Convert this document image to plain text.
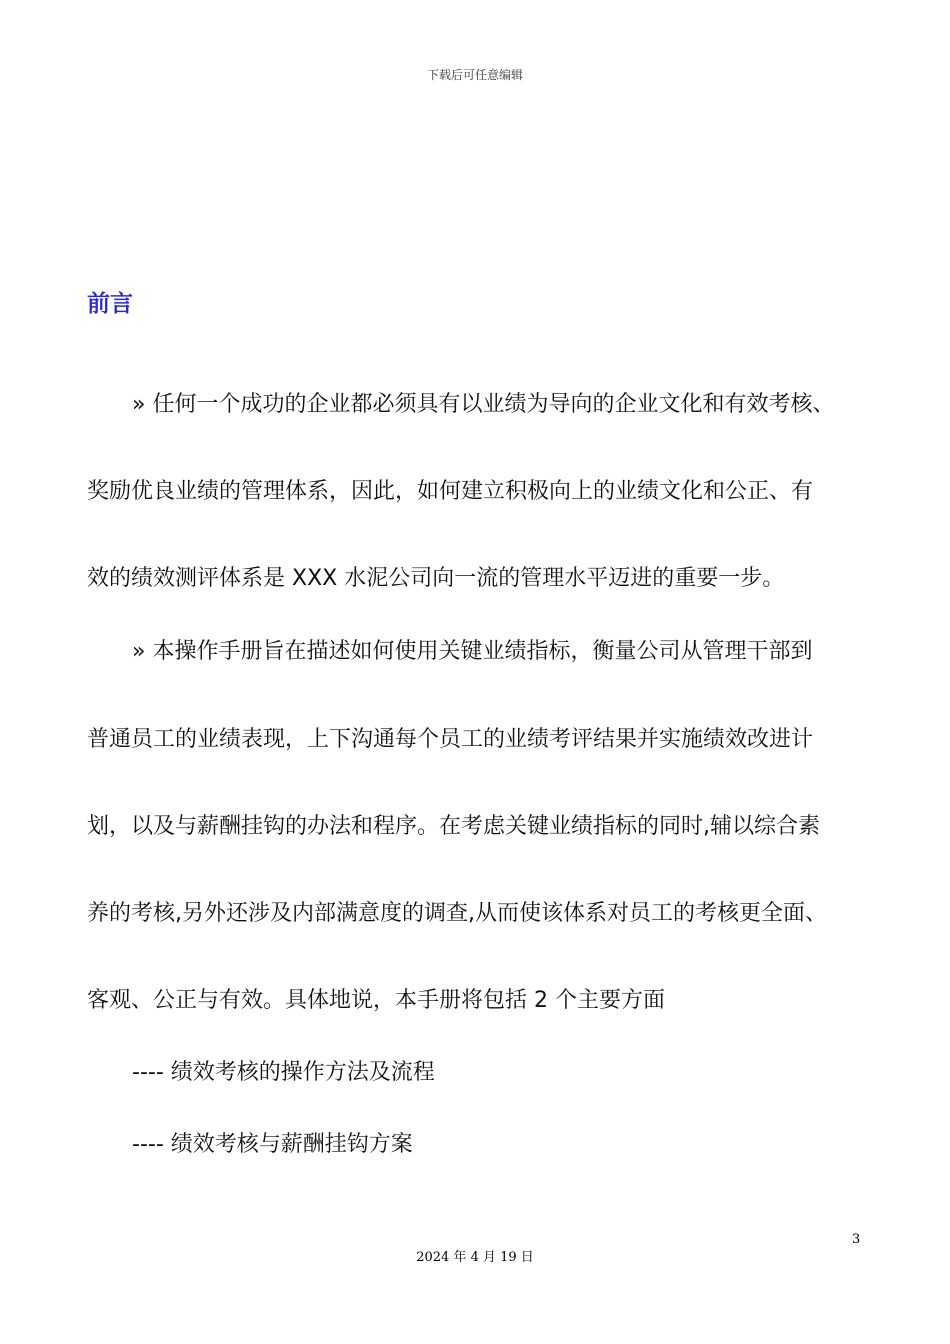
下载后可任意编辑
前言
» 任何一个成功的企业都必须具有以业绩为导向的企业文化和有效考核、
奖励优良业绩的管理体系，因此，如何建立积极向上的业绩文化和公正、有
效的绩效测评体系是 XXX 水泥公司向一流的管理水平迈进的重要一步。
» 本操作手册旨在描述如何使用关键业绩指标，衡量公司从管理干部到
普通员工的业绩表现，上下沟通每个员工的业绩考评结果并实施绩效改进计
划，以及与薪酬挂钩的办法和程序。在考虑关键业绩指标的同时,辅以综合素
养的考核,另外还涉及内部满意度的调查,从而使该体系对员工的考核更全面、
客观、公正与有效。具体地说，本手册将包括 2 个主要方面
---- 绩效考核的操作方法及流程
---- 绩效考核与薪酬挂钩方案
3
2024 年 4 月 19 日
